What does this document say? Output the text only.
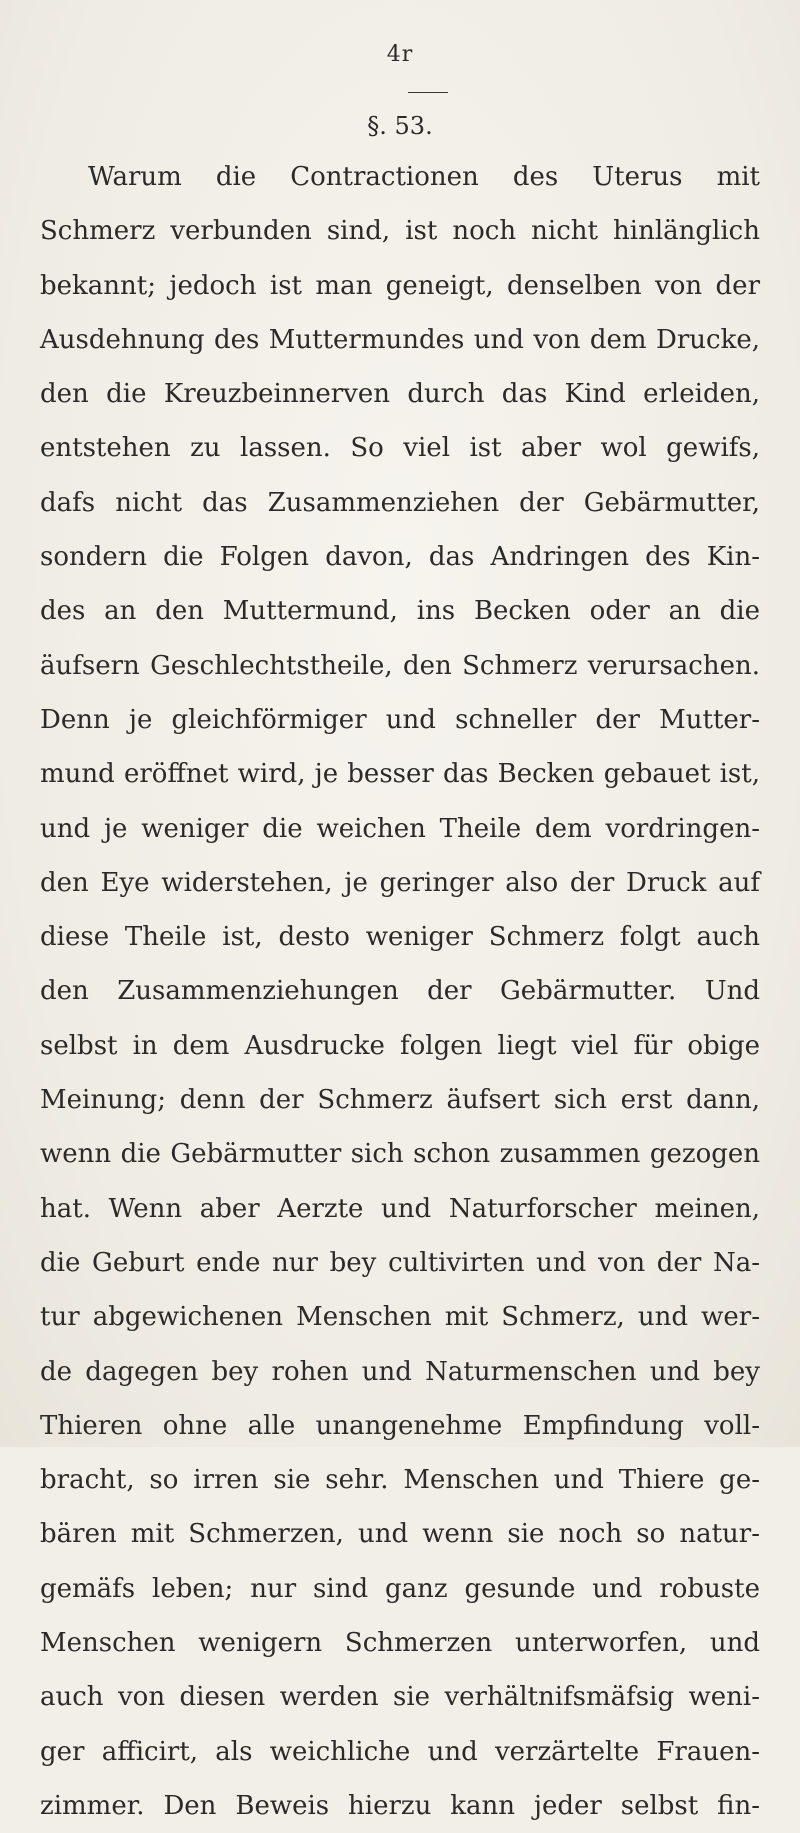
4r
§. 53.
Warum die Contractionen des Uterus mit
Schmerz verbunden sind, ist noch nicht hinlänglich
bekannt; jedoch ist man geneigt, denselben von der
Ausdehnung des Muttermundes und von dem Drucke,
den die Kreuzbeinnerven durch das Kind erleiden,
entstehen zu lassen. So viel ist aber wol gewifs,
dafs nicht das Zusammenziehen der Gebärmutter,
sondern die Folgen davon, das Andringen des Kin-
des an den Muttermund, ins Becken oder an die
äufsern Geschlechtstheile, den Schmerz verursachen.
Denn je gleichförmiger und schneller der Mutter-
mund eröffnet wird, je besser das Becken gebauet ist,
und je weniger die weichen Theile dem vordringen-
den Eye widerstehen, je geringer also der Druck auf
diese Theile ist, desto weniger Schmerz folgt auch
den Zusammenziehungen der Gebärmutter. Und
selbst in dem Ausdrucke folgen liegt viel für obige
Meinung; denn der Schmerz äufsert sich erst dann,
wenn die Gebärmutter sich schon zusammen gezogen
hat. Wenn aber Aerzte und Naturforscher meinen,
die Geburt ende nur bey cultivirten und von der Na-
tur abgewichenen Menschen mit Schmerz, und wer-
de dagegen bey rohen und Naturmenschen und bey
Thieren ohne alle unangenehme Empfindung voll-
bracht, so irren sie sehr. Menschen und Thiere ge-
bären mit Schmerzen, und wenn sie noch so natur-
gemäfs leben; nur sind ganz gesunde und robuste
Menschen wenigern Schmerzen unterworfen, und
auch von diesen werden sie verhältnifsmäfsig weni-
ger afficirt, als weichliche und verzärtelte Frauen-
zimmer. Den Beweis hierzu kann jeder selbst fin-
